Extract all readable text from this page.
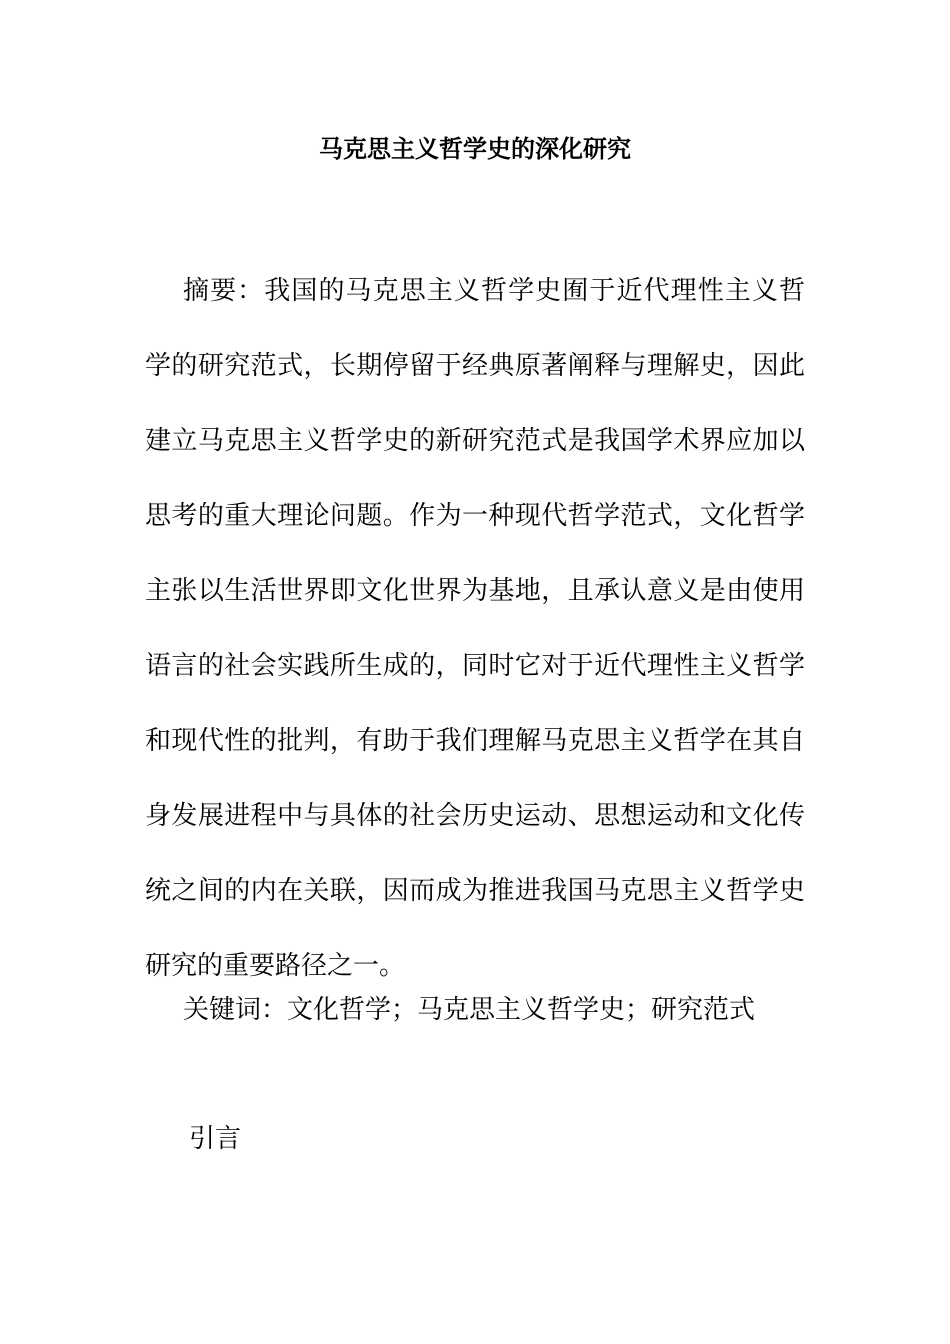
马克思主义哲学史的深化研究

摘要：我国的马克思主义哲学史囿于近代理性主义哲学的研究范式，长期停留于经典原著阐释与理解史，因此建立马克思主义哲学史的新研究范式是我国学术界应加以思考的重大理论问题。作为一种现代哲学范式，文化哲学主张以生活世界即文化世界为基地，且承认意义是由使用语言的社会实践所生成的，同时它对于近代理性主义哲学和现代性的批判，有助于我们理解马克思主义哲学在其自身发展进程中与具体的社会历史运动、思想运动和文化传统之间的内在关联，因而成为推进我国马克思主义哲学史研究的重要路径之一。

关键词：文化哲学；马克思主义哲学史；研究范式

引言
